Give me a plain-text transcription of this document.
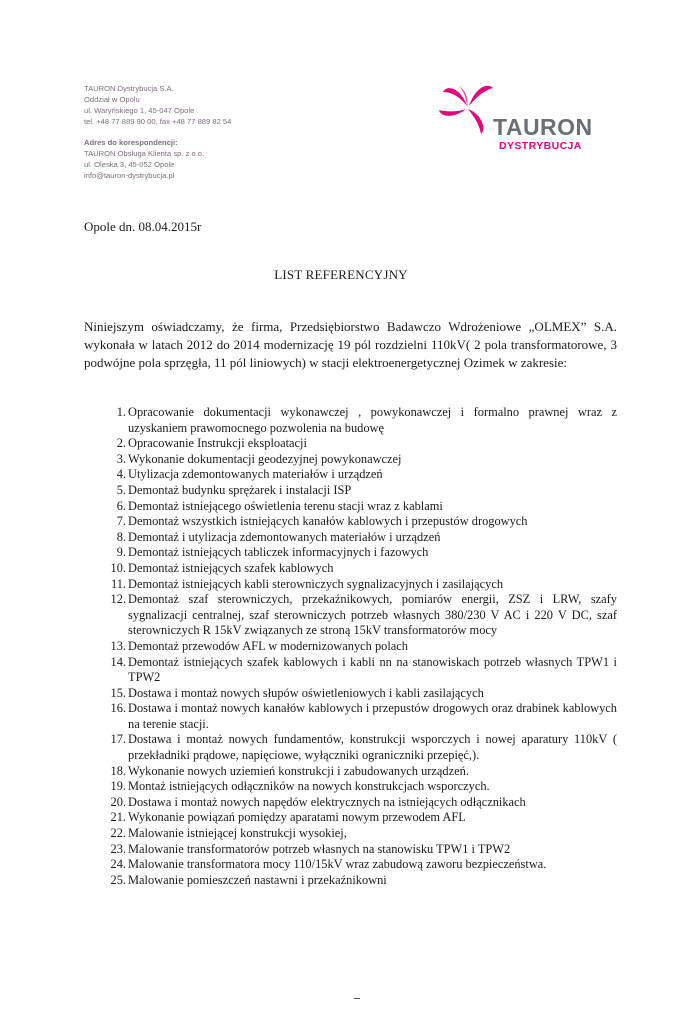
TAURON Dystrybucja S.A.
Oddział w Opolu
ul. Waryńskiego 1, 45-047 Opole
tel. +48 77 889 90 00, fax +48 77 889 82 54
Adres do korespondencji:
TAURON Obsługa Klienta sp. z o.o.
ul. Oleska 3, 45-052 Opole
info@tauron-dystrybucja.pl
TAURON
DYSTRYBUCJA
Opole dn. 08.04.2015r
LIST REFERENCYJNY
Niniejszym oświadczamy, że firma, Przedsiębiorstwo Badawczo Wdrożeniowe „OLMEX” S.A. wykonała w latach 2012 do 2014 modernizację 19 pól rozdzielni 110kV( 2 pola transformatorowe, 3 podwójne pola sprzęgła, 11 pól liniowych) w stacji elektroenergetycznej Ozimek w zakresie:
1. Opracowanie dokumentacji wykonawczej , powykonawczej i formalno prawnej wraz z uzyskaniem prawomocnego pozwolenia na budowę
2. Opracowanie Instrukcji eksploatacji
3. Wykonanie dokumentacji geodezyjnej powykonawczej
4. Utylizacja zdemontowanych materiałów i urządzeń
5. Demontaż budynku sprężarek i instalacji ISP
6. Demontaż istniejącego oświetlenia terenu stacji wraz z kablami
7. Demontaż wszystkich istniejących kanałów kablowych i przepustów drogowych
8. Demontaż i utylizacja zdemontowanych materiałów i urządzeń
9. Demontaż istniejących tabliczek informacyjnych i fazowych
10. Demontaż istniejących szafek kablowych
11. Demontaż istniejących kabli sterowniczych sygnalizacyjnych i zasilających
12. Demontaż szaf sterowniczych, przekaźnikowych, pomiarów energii, ZSZ i LRW, szafy sygnalizacji centralnej, szaf sterowniczych potrzeb własnych 380/230 V AC i 220 V DC, szaf sterowniczych R 15kV związanych ze stroną 15kV transformatorów mocy
13. Demontaż przewodów AFL w modernizowanych polach
14. Demontaż istniejących szafek kablowych i kabli nn na stanowiskach potrzeb własnych TPW1 i TPW2
15. Dostawa i montaż nowych słupów oświetleniowych i kabli zasilających
16. Dostawa i montaż nowych kanałów kablowych i przepustów drogowych oraz drabinek kablowych na terenie stacji.
17. Dostawa i montaż nowych fundamentów, konstrukcji wsporczych i nowej aparatury 110kV ( przekładniki prądowe, napięciowe, wyłączniki ograniczniki przepięć,).
18. Wykonanie nowych uziemień konstrukcji i zabudowanych urządzeń.
19. Montaż istniejących odłączników na nowych konstrukcjach wsporczych.
20. Dostawa i montaż nowych napędów elektrycznych na istniejących odłącznikach
21. Wykonanie powiązań pomiędzy aparatami nowym przewodem AFL
22. Malowanie istniejącej konstrukcji wysokiej,
23. Malowanie transformatorów potrzeb własnych na stanowisku TPW1 i TPW2
24. Malowanie transformatora mocy 110/15kV wraz zabudową zaworu bezpieczeństwa.
25. Malowanie pomieszczeń nastawni i przekaźnikowni
